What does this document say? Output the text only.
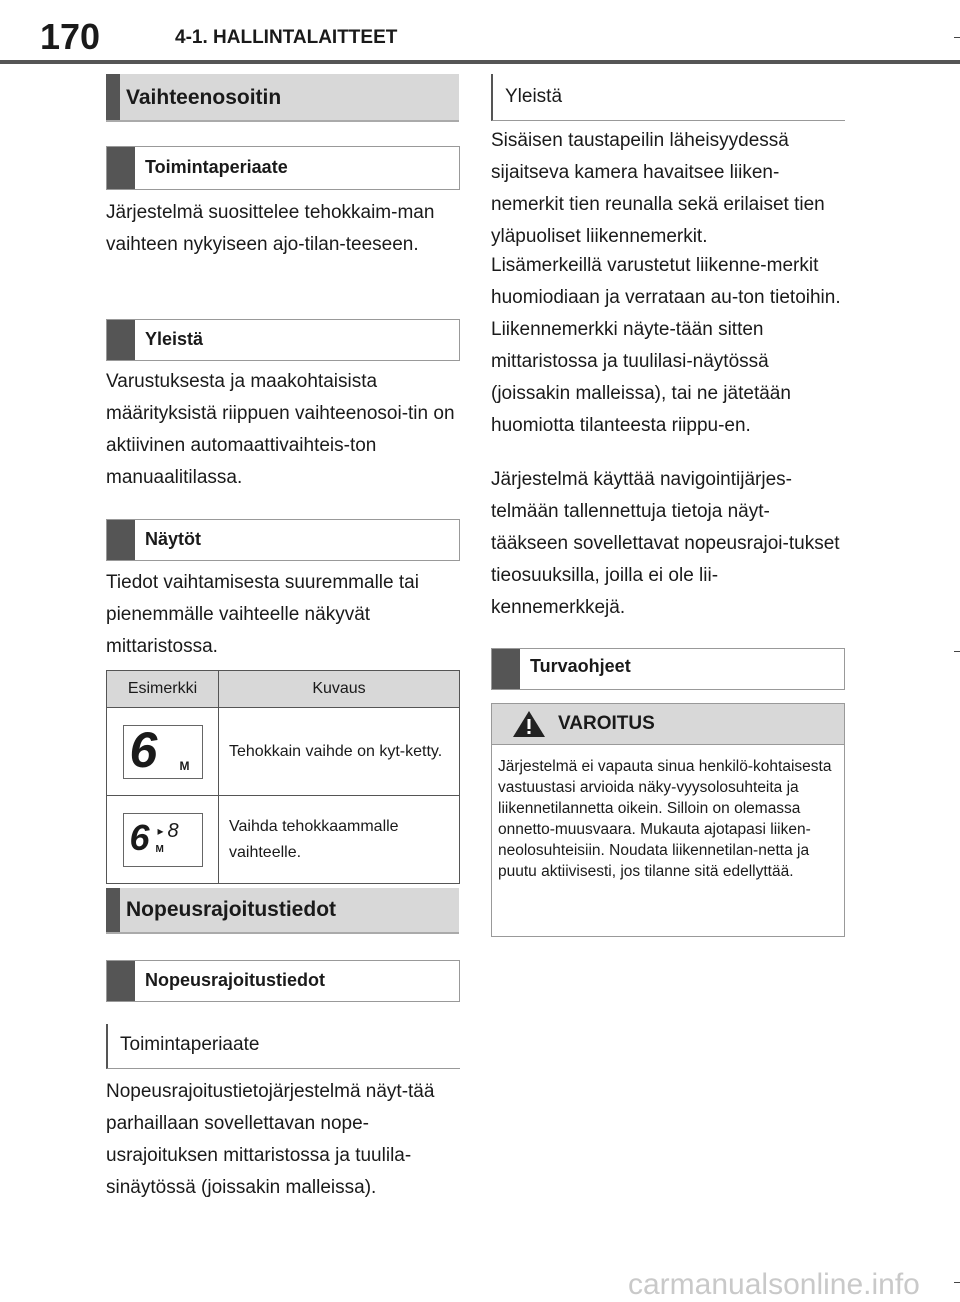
170	4-1. HALLINTALAITTEET
Vaihteenosoitin
Toimintaperiaate
Järjestelmä suosittelee tehokkaim-man vaihteen nykyiseen ajo-tilan-teeseen.
Yleistä
Varustuksesta ja maakohtaisista määrityksistä riippuen vaihteenosoi-tin on aktiivinen automaattivaihteis-ton manuaalitilassa.
Näytöt
Tiedot vaihtamisesta suuremmalle tai pienemmälle vaihteelle näkyvät mittaristossa.
Esimerkki	Kuvaus

6 M	Tehokkain vaihde on kyt-ketty.

6 ▸ 8
M	Vaihda tehokkaammalle vaihteelle.
Nopeusrajoitustiedot
Nopeusrajoitustiedot
Toimintaperiaate
Nopeusrajoitustietojärjestelmä näyt-tää parhaillaan sovellettavan nope-usrajoituksen mittaristossa ja tuulila-sinäytössä (joissakin malleissa).
Yleistä
Sisäisen taustapeilin läheisyydessä sijaitseva kamera havaitsee liiken-nemerkit tien reunalla sekä erilaiset tien yläpuoliset liikennemerkit.
Lisämerkeillä varustetut liikenne-merkit huomiodiaan ja verrataan au-ton tietoihin. Liikennemerkki näyte-tään sitten mittaristossa ja tuulilasi-näytössä (joissakin malleissa), tai ne jätetään huomiotta tilanteesta riippu-en.
Järjestelmä käyttää navigointijärjes-telmään tallennettuja tietoja näyt-tääkseen sovellettavat nopeusrajoi-tukset tieosuuksilla, joilla ei ole lii-kennemerkkejä.
Turvaohjeet
VAROITUS
Järjestelmä ei vapauta sinua henkilö-kohtaisesta vastuustasi arvioida näky-vyysolosuhteita ja liikennetilannetta oikein. Silloin on olemassa onnetto-muusvaara. Mukauta ajotapasi liiken-neolosuhteisiin. Noudata liikennetilan-netta ja puutu aktiivisesti, jos tilanne sitä edellyttää.
carmanualsonline.info
